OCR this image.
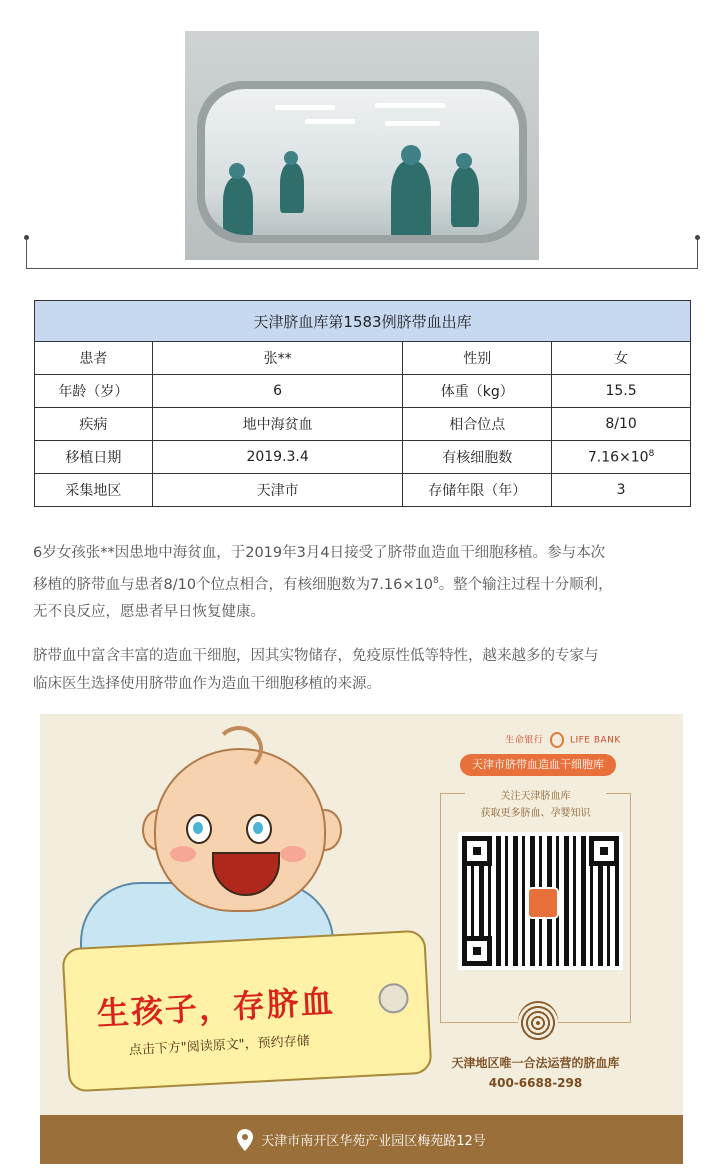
天津脐血库第1583例脐带血出库			
患者	张**	性别	女
年龄（岁）	6	体重（kg）	15.5
疾病	地中海贫血	相合位点	8/10
移植日期	2019.3.4	有核细胞数	$7.16\times 10^8$
采集地区	天津市	存储年限（年）	3
6岁女孩张**因患地中海贫血，于2019年3月4日接受了脐带血造血干细胞移植。参与本次
移植的脐带血与患者8/10个位点相合，有核细胞数为$7.16\times 10^8$。整个输注过程十分顺利，
无不良反应，愿患者早日恢复健康。
脐带血中富含丰富的造血干细胞，因其实物储存，免疫原性低等特性，越来越多的专家与
临床医生选择使用脐带血作为造血干细胞移植的来源。
生孩子，存脐血
点击下方"阅读原文"，预约存储
生命银行	LIFE BANK
天津市脐带血造血干细胞库
关注天津脐血库
获取更多脐血、孕婴知识
天津地区唯一合法运营的脐血库
400-6688-298
天津市南开区华苑产业园区梅苑路12号
